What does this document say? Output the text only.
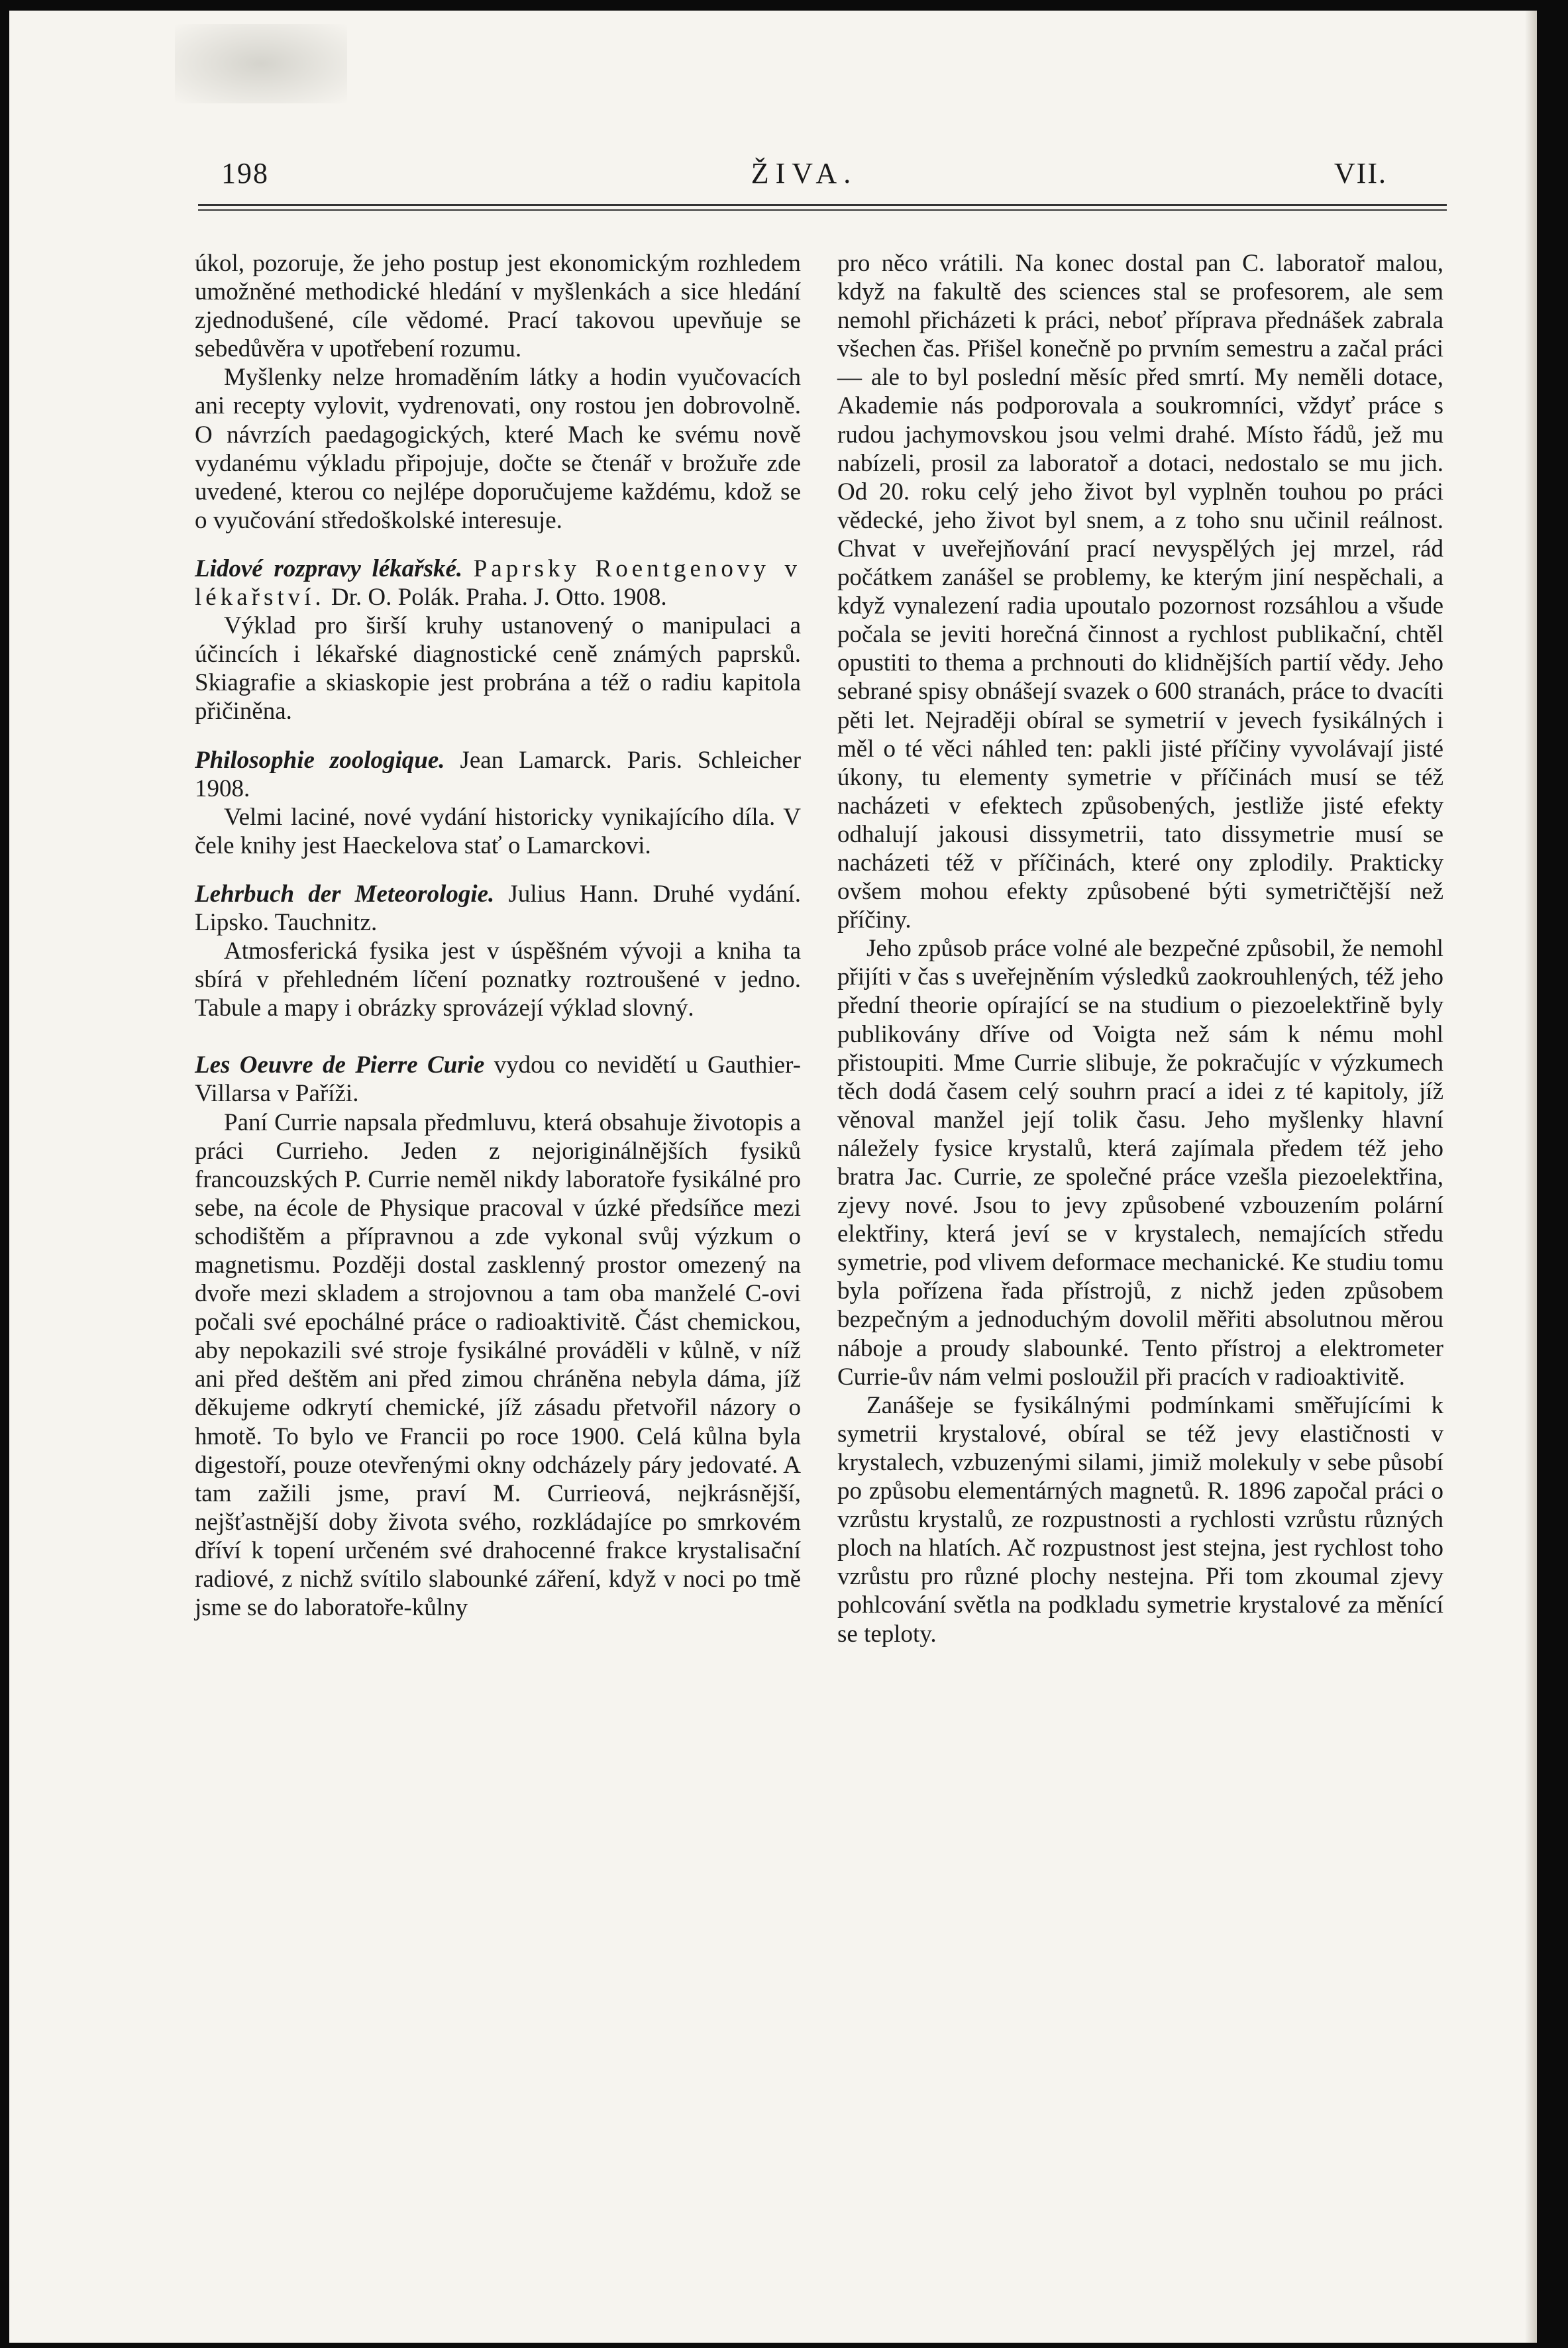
198	ŽIVA.	VII.

úkol, pozoruje, že jeho postup jest ekonomickým rozhledem umožněné methodické hledání v myšlenkách a sice hledání zjednodušené, cíle vědomé. Prací takovou upevňuje se sebedůvěra v upotřebení rozumu.

Myšlenky nelze hromaděním látky a hodin vyučovacích ani recepty vylovit, vydrenovati, ony rostou jen dobrovolně. O návrzích paedagogických, které Mach ke svému nově vydanému výkladu připojuje, dočte se čtenář v brožuře zde uvedené, kterou co nejlépe doporučujeme každému, kdož se o vyučování středoškolské interesuje.

Lidové rozpravy lékařské. Paprsky Roentgenovy v lékařství. Dr. O. Polák. Praha. J. Otto. 1908.

Výklad pro širší kruhy ustanovený o manipulaci a účincích i lékařské diagnostické ceně známých paprsků. Skiagrafie a skiaskopie jest probrána a též o radiu kapitola přičiněna.

Philosophie zoologique. Jean Lamarck. Paris. Schleicher 1908.

Velmi laciné, nové vydání historicky vynikajícího díla. V čele knihy jest Haeckelova stať o Lamarckovi.

Lehrbuch der Meteorologie. Julius Hann. Druhé vydání. Lipsko. Tauchnitz.

Atmosferická fysika jest v úspěšném vývoji a kniha ta sbírá v přehledném líčení poznatky roztroušené v jedno. Tabule a mapy i obrázky sprovázejí výklad slovný.

Les Oeuvre de Pierre Curie vydou co nevidětí u Gauthier-Villarsa v Paříži.

Paní Currie napsala předmluvu, která obsahuje životopis a práci Currieho. Jeden z nejoriginálnějších fysiků francouzských P. Currie neměl nikdy laboratoře fysikálné pro sebe, na école de Physique pracoval v úzké předsíňce mezi schodištěm a přípravnou a zde vykonal svůj výzkum o magnetismu. Později dostal zasklenný prostor omezený na dvoře mezi skladem a strojovnou a tam oba manželé C-ovi počali své epochálné práce o radioaktivitě. Část chemickou, aby nepokazili své stroje fysikálné prováděli v kůlně, v níž ani před deštěm ani před zimou chráněna nebyla dáma, jíž děkujeme odkrytí chemické, jíž zásadu přetvořil názory o hmotě. To bylo ve Francii po roce 1900. Celá kůlna byla digestoří, pouze otevřenými okny odcházely páry jedovaté. A tam zažili jsme, praví M. Currieová, nejkrásnější, nejšťastnější doby života svého, rozkládajíce po smrkovém dříví k topení určeném své drahocenné frakce krystalisační radiové, z nichž svítilo slabounké záření, když v noci po tmě jsme se do laboratoře-kůlny

pro něco vrátili. Na konec dostal pan C. laboratoř malou, když na fakultě des sciences stal se profesorem, ale sem nemohl přicházeti k práci, neboť příprava přednášek zabrala všechen čas. Přišel konečně po prvním semestru a začal práci — ale to byl poslední měsíc před smrtí. My neměli dotace, Akademie nás podporovala a soukromníci, vždyť práce s rudou jachymovskou jsou velmi drahé. Místo řádů, jež mu nabízeli, prosil za laboratoř a dotaci, nedostalo se mu jich. Od 20. roku celý jeho život byl vyplněn touhou po práci vědecké, jeho život byl snem, a z toho snu učinil reálnost. Chvat v uveřejňování prací nevyspělých jej mrzel, rád počátkem zanášel se problemy, ke kterým jiní nespěchali, a když vynalezení radia upoutalo pozornost rozsáhlou a všude počala se jeviti horečná činnost a rychlost publikační, chtěl opustiti to themа a prchnouti do klidnějších partií vědy. Jeho sebrané spisy obnášejí svazek o 600 stranách, práce to dvacíti pěti let. Nejraději obíral se symetrií v jevech fysikálných i měl o té věci náhled ten: pakli jisté příčiny vyvolávají jisté úkony, tu elementy symetrie v příčinách musí se též nacházeti v efektech způsobených, jestliže jisté efekty odhalují jakousi dissymetrii, tato dissymetrie musí se nacházeti též v příčinách, které ony zplodily. Prakticky ovšem mohou efekty způsobené býti symetričtější než příčiny.

Jeho způsob práce volné ale bezpečné způsobil, že nemohl přijíti v čas s uveřejněním výsledků zaokrouhlených, též jeho přední theorie opírající se na studium o piezoelektřině byly publikovány dříve od Voigta než sám k nému mohl přistoupiti. Mme Currie slibuje, že pokračujíc v výzkumech těch dodá časem celý souhrn prací a idei z té kapitoly, jíž věnoval manžel její tolik času. Jeho myšlenky hlavní náležely fysice krystalů, která zajímala předem též jeho bratra Jac. Currie, ze společné práce vzešla piezoelektřina, zjevy nové. Jsou to jevy způsobené vzbouzením polární elektřiny, která jeví se v krystalech, nemajících středu symetrie, pod vlivem deformace mechanické. Ke studiu tomu byla pořízena řada přístrojů, z nichž jeden způsobem bezpečným a jednoduchým dovolil měřiti absolutnou měrou náboje a proudy slabounké. Tento přístroj a elektrometer Currie-ův nám velmi posloužil při pracích v radioaktivitě.

Zanášeje se fysikálnými podmínkami směřujícími k symetrii krystalové, obíral se též jevy elastičnosti v krystalech, vzbuzenými silami, jimiž molekuly v sebe působí po způsobu elementárných magnetů. R. 1896 započal práci o vzrůstu krystalů, ze rozpustnosti a rychlosti vzrůstu různých ploch na hlatích. Ač rozpustnost jest stejna, jest rychlost toho vzrůstu pro různé plochy nestejna. Při tom zkoumal zjevy pohlcování světla na podkladu symetrie krystalové za měnící se teploty.
